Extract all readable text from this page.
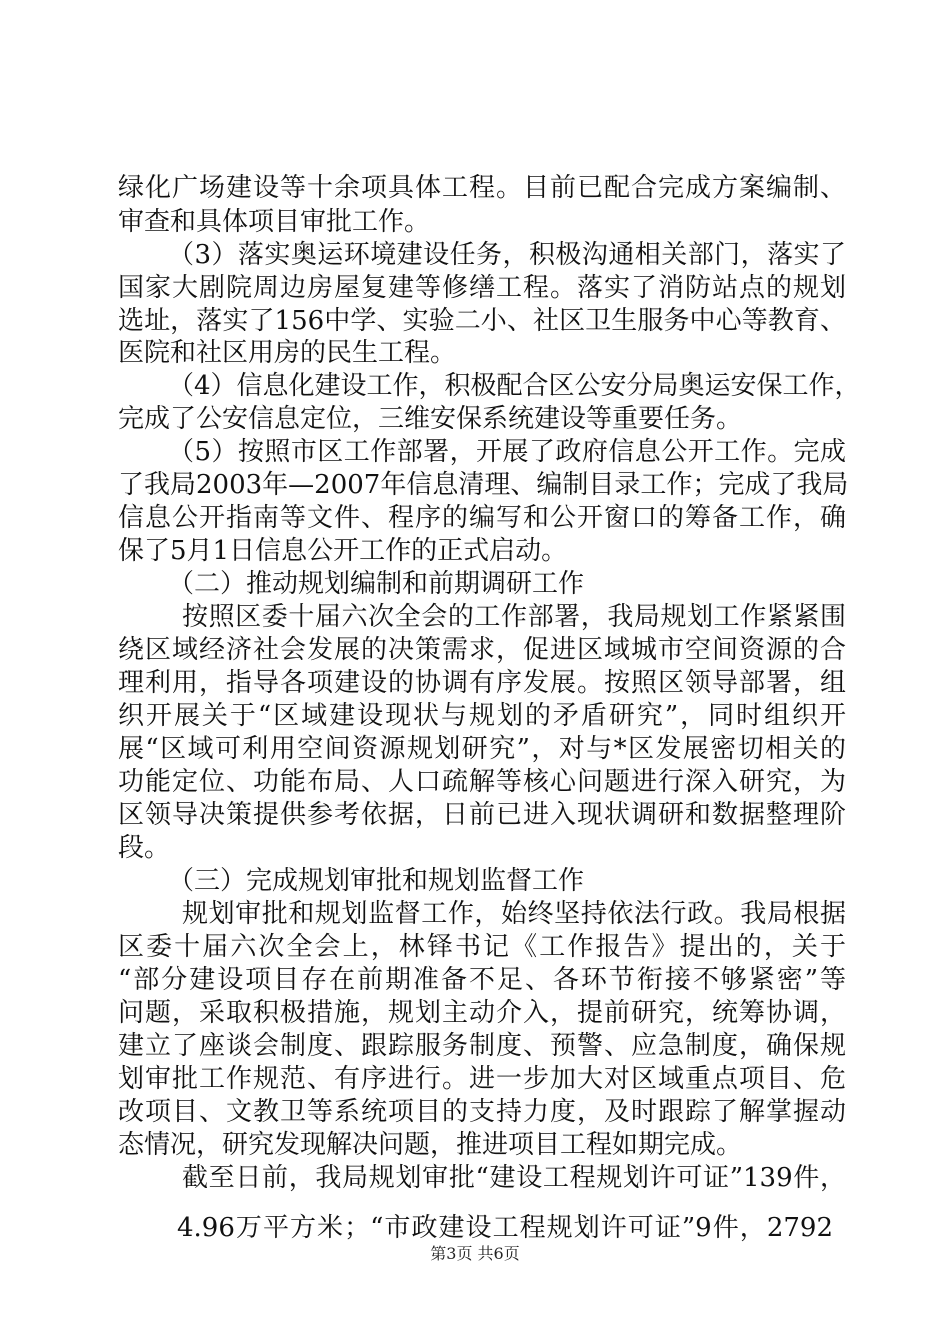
绿化广场建设等十余项具体工程。目前已配合完成方案编制、
审查和具体项目审批工作。
（3）落实奥运环境建设任务，积极沟通相关部门，落实了
国家大剧院周边房屋复建等修缮工程。落实了消防站点的规划
选址，落实了156中学、实验二小、社区卫生服务中心等教育、
医院和社区用房的民生工程。
（4）信息化建设工作，积极配合区公安分局奥运安保工作，
完成了公安信息定位，三维安保系统建设等重要任务。
（5）按照市区工作部署，开展了政府信息公开工作。完成
了我局2003年—2007年信息清理、编制目录工作；完成了我局
信息公开指南等文件、程序的编写和公开窗口的筹备工作，确
保了5月1日信息公开工作的正式启动。
（二）推动规划编制和前期调研工作
按照区委十届六次全会的工作部署，我局规划工作紧紧围
绕区域经济社会发展的决策需求，促进区域城市空间资源的合
理利用，指导各项建设的协调有序发展。按照区领导部署，组
织开展关于“区域建设现状与规划的矛盾研究”，同时组织开
展“区域可利用空间资源规划研究”，对与*区发展密切相关的
功能定位、功能布局、人口疏解等核心问题进行深入研究，为
区领导决策提供参考依据，日前已进入现状调研和数据整理阶
段。
（三）完成规划审批和规划监督工作
规划审批和规划监督工作，始终坚持依法行政。我局根据
区委十届六次全会上，林铎书记《工作报告》提出的，关于
“部分建设项目存在前期准备不足、各环节衔接不够紧密”等
问题，采取积极措施，规划主动介入，提前研究，统筹协调，
建立了座谈会制度、跟踪服务制度、预警、应急制度，确保规
划审批工作规范、有序进行。进一步加大对区域重点项目、危
改项目、文教卫等系统项目的支持力度，及时跟踪了解掌握动
态情况，研究发现解决问题，推进项目工程如期完成。
截至日前，我局规划审批“建设工程规划许可证”139件，
4.96万平方米；“市政建设工程规划许可证”9件，2792
第3页 共6页
